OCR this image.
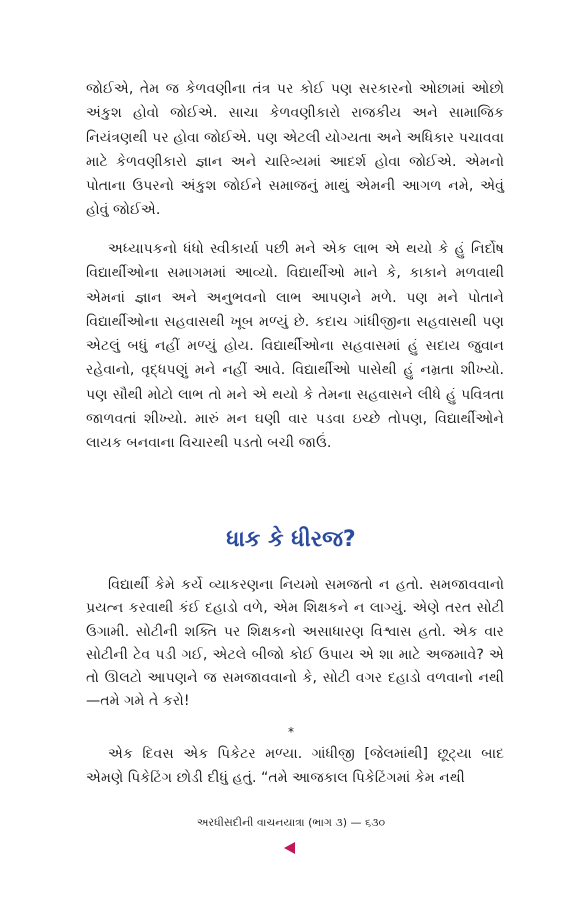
જોઈએ, તેમ જ કેળવણીના તંત્ર પર કોઈ પણ સરકારનો ઓછામાં ઓછો અંકુશ હોવો જોઈએ. સાચા કેળવણીકારો રાજકીય અને સામાજિક નિયંત્રણથી પર હોવા જોઈએ. પણ એટલી યોગ્યતા અને અધિકાર પચાવવા માટે કેળવણીકારો જ્ઞાન અને ચારિત્ર્યમાં આદર્શ હોવા જોઈએ. એમનો પોતાના ઉપરનો અંકુશ જોઈને સમાજનું માથું એમની આગળ નમે, એવું હોવું જોઈએ.

અધ્યાપકનો ધંધો સ્વીકાર્યા પછી મને એક લાભ એ થયો કે હું નિર્દોષ વિદ્યાર્થીઓના સમાગમમાં આવ્યો. વિદ્યાર્થીઓ માને કે, કાકાને મળવાથી એમનાં જ્ઞાન અને અનુભવનો લાભ આપણને મળે. પણ મને પોતાને વિદ્યાર્થીઓના સહવાસથી ખૂબ મળ્યું છે. કદાચ ગાંધીજીના સહવાસથી પણ એટલું બધું નહીં મળ્યું હોય. વિદ્યાર્થીઓના સહવાસમાં હું સદાય જુવાન રહેવાનો, વૃદ્ધપણું મને નહીં આવે. વિદ્યાર્થીઓ પાસેથી હું નમ્રતા શીખ્યો. પણ સૌથી મોટો લાભ તો મને એ થયો કે તેમના સહવાસને લીધે હું પવિત્રતા જાળવતાં શીખ્યો. મારું મન ઘણી વાર પડવા ઇચ્છે તોપણ, વિદ્યાર્થીઓને લાયક બનવાના વિચારથી પડતો બચી જાઉં.

ધાક કે ધીરજ?

વિદ્યાર્થી કેમે કર્યે વ્યાકરણના નિયમો સમજતો ન હતો. સમજાવવાનો પ્રયત્ન કરવાથી કંઈ દહાડો વળે, એમ શિક્ષકને ન લાગ્યું. એણે તરત સોટી ઉગામી. સોટીની શક્તિ પર શિક્ષકનો અસાધારણ વિશ્વાસ હતો. એક વાર સોટીની ટેવ પડી ગઈ, એટલે બીજો કોઈ ઉપાય એ શા માટે અજમાવે? એ તો ઊલટો આપણને જ સમજાવવાનો કે, સોટી વગર દહાડો વળવાનો નથી—તમે ગમે તે કરો!

*

એક દિવસ એક પિકેટર મળ્યા. ગાંધીજી [જેલમાંથી] છૂટ્યા બાદ એમણે પિકેટિંગ છોડી દીધું હતું. “તમે આજકાલ પિકેટિંગમાં કેમ નથી

અરધીસદીની વાચનયાત્રા (ભાગ ૩) — ૬૩૦
